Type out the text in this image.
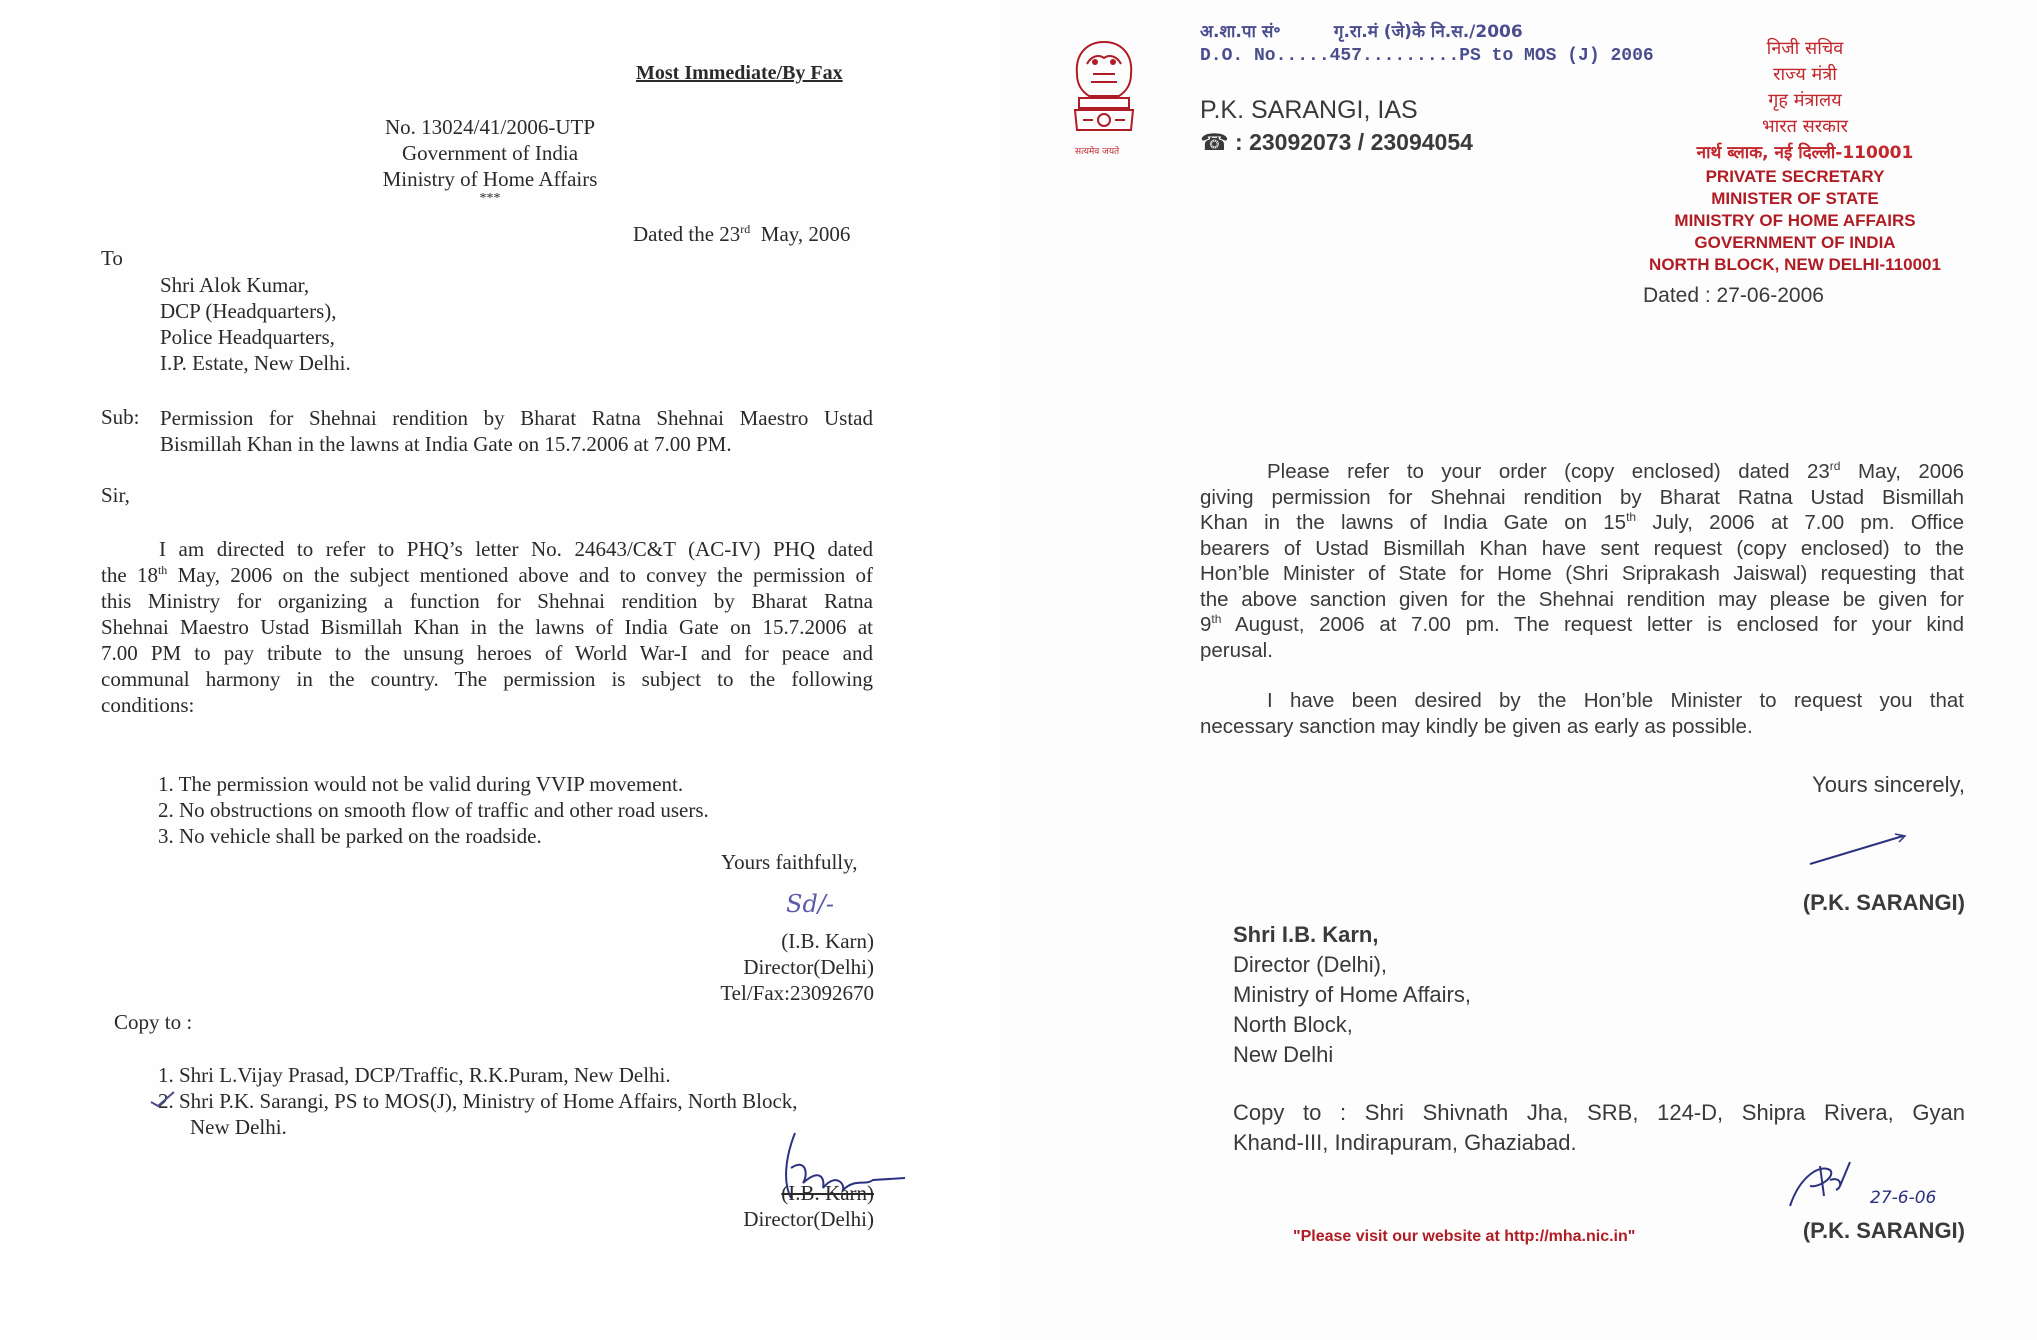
Most Immediate/By Fax
No. 13024/41/2006-UTP
Government of India
Ministry of Home Affairs
***
Dated the 23rd May, 2006
To
Shri Alok Kumar,
DCP (Headquarters),
Police Headquarters,
I.P. Estate, New Delhi.
Sub: Permission for Shehnai rendition by Bharat Ratna Shehnai Maestro Ustad
Bismillah Khan in the lawns at India Gate on 15.7.2006 at 7.00 PM.
Sir,
I am directed to refer to PHQ’s letter No. 24643/C&T (AC-IV) PHQ dated
the 18th May, 2006 on the subject mentioned above and to convey the permission of
this Ministry for organizing a function for Shehnai rendition by Bharat Ratna
Shehnai Maestro Ustad Bismillah Khan in the lawns of India Gate on 15.7.2006 at
7.00 PM to pay tribute to the unsung heroes of World War-I and for peace and
communal harmony in the country. The permission is subject to the following
conditions:
1. The permission would not be valid during VVIP movement.
2. No obstructions on smooth flow of traffic and other road users.
3. No vehicle shall be parked on the roadside.
Yours faithfully,
Sd/-
(I.B. Karn)
Director(Delhi)
Tel/Fax:23092670
Copy to :
1. Shri L.Vijay Prasad, DCP/Traffic, R.K.Puram, New Delhi.
2. Shri P.K. Sarangi, PS to MOS(J), Ministry of Home Affairs, North Block,
New Delhi.
(I.B. Karn)
Director(Delhi)
सत्यमेव जयते
अ.शा.पा सं॰	गृ.रा.मं (जे)के नि.स./2006
D.O. No.....457.........PS to MOS (J) 2006
P.K. SARANGI, IAS
☎ : 23092073 / 23094054
निजी सचिव
राज्य मंत्री
गृह मंत्रालय
भारत सरकार
नार्थ ब्लाक, नई दिल्ली-110001
PRIVATE SECRETARY
MINISTER OF STATE
MINISTRY OF HOME AFFAIRS
GOVERNMENT OF INDIA
NORTH BLOCK, NEW DELHI-110001
Dated : 27-06-2006
Please refer to your order (copy enclosed) dated 23rd May, 2006
giving permission for Shehnai rendition by Bharat Ratna Ustad Bismillah
Khan in the lawns of India Gate on 15th July, 2006 at 7.00 pm. Office
bearers of Ustad Bismillah Khan have sent request (copy enclosed) to the
Hon’ble Minister of State for Home (Shri Sriprakash Jaiswal) requesting that
the above sanction given for the Shehnai rendition may please be given for
9th August, 2006 at 7.00 pm. The request letter is enclosed for your kind
perusal.
I have been desired by the Hon’ble Minister to request you that
necessary sanction may kindly be given as early as possible.
Yours sincerely,
(P.K. SARANGI)
Shri I.B. Karn,
Director (Delhi),
Ministry of Home Affairs,
North Block,
New Delhi
Copy to : Shri Shivnath Jha, SRB, 124-D, Shipra Rivera, Gyan
Khand-III, Indirapuram, Ghaziabad.
"Please visit our website at http://mha.nic.in"
27-6-06
(P.K. SARANGI)
